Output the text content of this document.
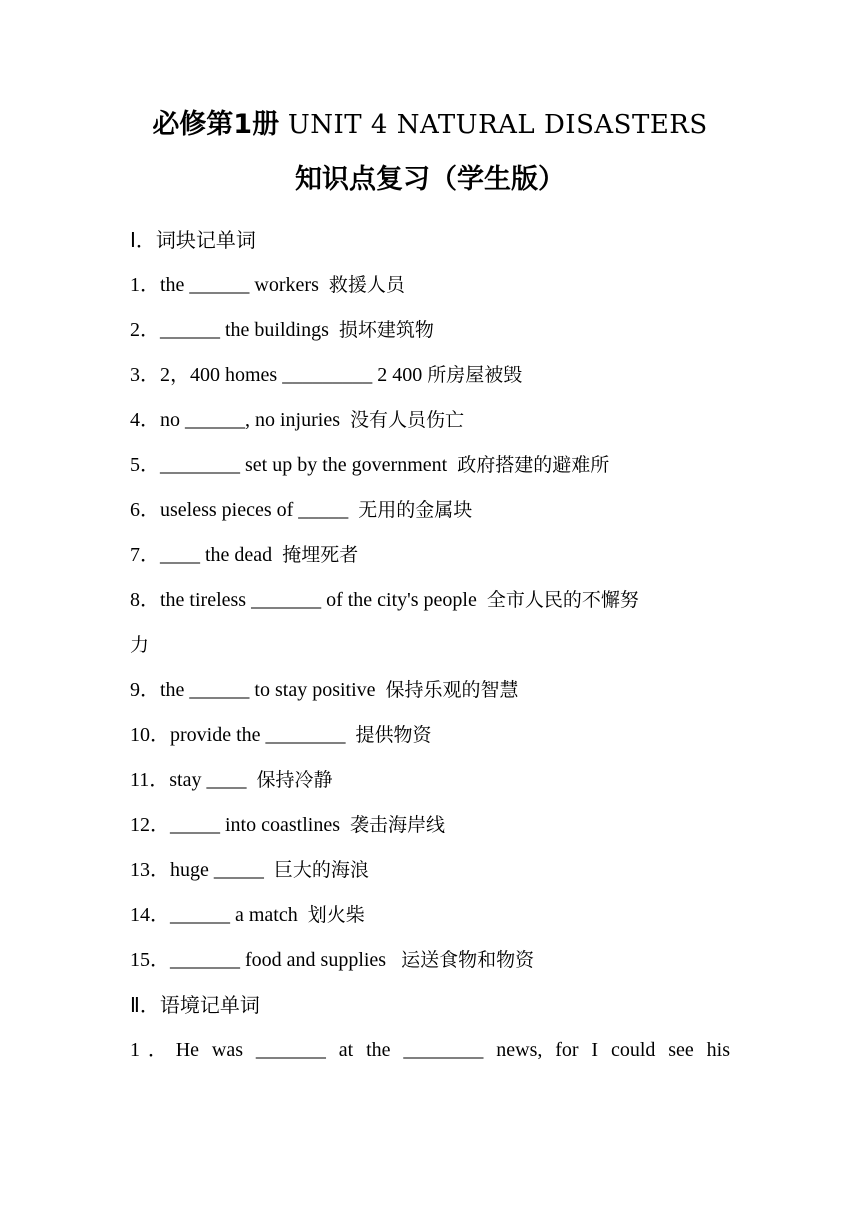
必修第1册 UNIT 4 NATURAL DISASTERS
知识点复习（学生版）
Ⅰ．词块记单词
1．the ______ workers 救援人员
2．______ the buildings 损坏建筑物
3．2，400 homes _________ 2 400 所房屋被毁
4．no ______, no injuries 没有人员伤亡
5．________ set up by the government 政府搭建的避难所
6．useless pieces of _____ 无用的金属块
7．____ the dead 掩埋死者
8．the tireless _______ of the city's people 全市人民的不懈努
力
9．the ______ to stay positive 保持乐观的智慧
10．provide the ________ 提供物资
11．stay ____ 保持冷静
12．_____ into coastlines 袭击海岸线
13．huge _____ 巨大的海浪
14．______ a match 划火柴
15．_______ food and supplies   运送食物和物资
Ⅱ．语境记单词
1．He was _______ at the ________ news, for I could see his
